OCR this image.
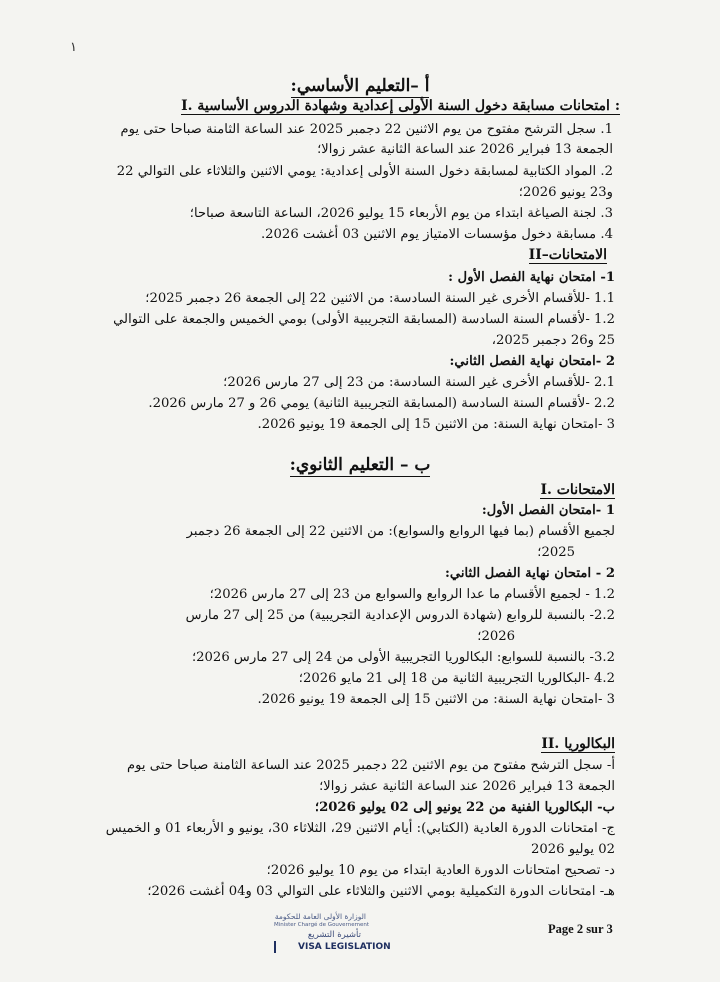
١
أ –التعليم الأساسي:
I. امتحانات مسابقة دخول السنة الأولى إعدادية وشهادة الدروس الأساسية :
1. سجل الترشح مفتوح من يوم الاثنين 22 دجمبر 2025 عند الساعة الثامنة صباحا حتى يوم
الجمعة 13 فبراير 2026 عند الساعة الثانية عشر زوالا؛
2. المواد الكتابية لمسابقة دخول السنة الأولى إعدادية: يومي الاثنين والثلاثاء على التوالي 22
و23 يونيو 2026؛
3. لجنة الصياغة ابتداء من يوم الأربعاء 15 يوليو 2026، الساعة التاسعة صباحا؛
4. مسابقة دخول مؤسسات الامتياز يوم الاثنين 03 أغشت 2026.
II–الامتحانات
1- امتحان نهاية الفصل الأول :
1.1 -للأقسام الأخرى غير السنة السادسة: من الاثنين 22 إلى الجمعة 26 دجمبر 2025؛
1.2 -لأقسام السنة السادسة (المسابقة التجريبية الأولى) بومي الخميس والجمعة على التوالي
25 و26 دجمبر 2025،
2 -امتحان نهاية الفصل الثاني:
2.1 -للأقسام الأخرى غير السنة السادسة: من 23 إلى 27 مارس 2026؛
2.2 -لأقسام السنة السادسة (المسابقة التجريبية الثانية) يومي 26 و 27 مارس 2026.
3 -امتحان نهاية السنة: من الاثنين 15 إلى الجمعة 19 يونيو 2026.
ب – التعليم الثانوي:
I. الامتحانات
1 -امتحان الفصل الأول:
لجميع الأقسام (بما فيها الروابع والسوابع): من الاثنين 22 إلى الجمعة 26 دجمبر
2025؛
2 - امتحان نهاية الفصل الثاني:
1.2 - لجميع الأقسام ما عدا الروابع والسوابع من 23 إلى 27 مارس 2026؛
2.2- بالنسبة للروابع (شهادة الدروس الإعدادية التجريبية) من 25 إلى 27 مارس
2026؛
3.2- بالنسبة للسوابع: البكالوريا التجريبية الأولى من 24 إلى 27 مارس 2026؛
4.2 -البكالوريا التجريبية الثانية من 18 إلى 21 مايو 2026؛
3 -امتحان نهاية السنة: من الاثنين 15 إلى الجمعة 19 يونيو 2026.
II. البكالوريا
أ- سجل الترشح مفتوح من يوم الاثنين 22 دجمبر 2025 عند الساعة الثامنة صباحا حتى يوم
الجمعة 13 فبراير 2026 عند الساعة الثانية عشر زوالا؛
ب- البكالوريا الفنية من 22 يونيو إلى 02 يوليو 2026؛
ج- امتحانات الدورة العادية (الكتابي): أيام الاثنين 29، الثلاثاء 30، يونيو و الأربعاء 01 و الخميس
02 يوليو 2026
د- تصحيح امتحانات الدورة العادية ابتداء من يوم 10 يوليو 2026؛
هـ- امتحانات الدورة التكميلية بومي الاثنين والثلاثاء على التوالي 03 و04 أغشت 2026؛
الوزارة الأولى العامة للحكومة
Minister Chargé de Gouvernement
تأشيرة التشريع
VISA LEGISLATION
Page 2 sur 3
